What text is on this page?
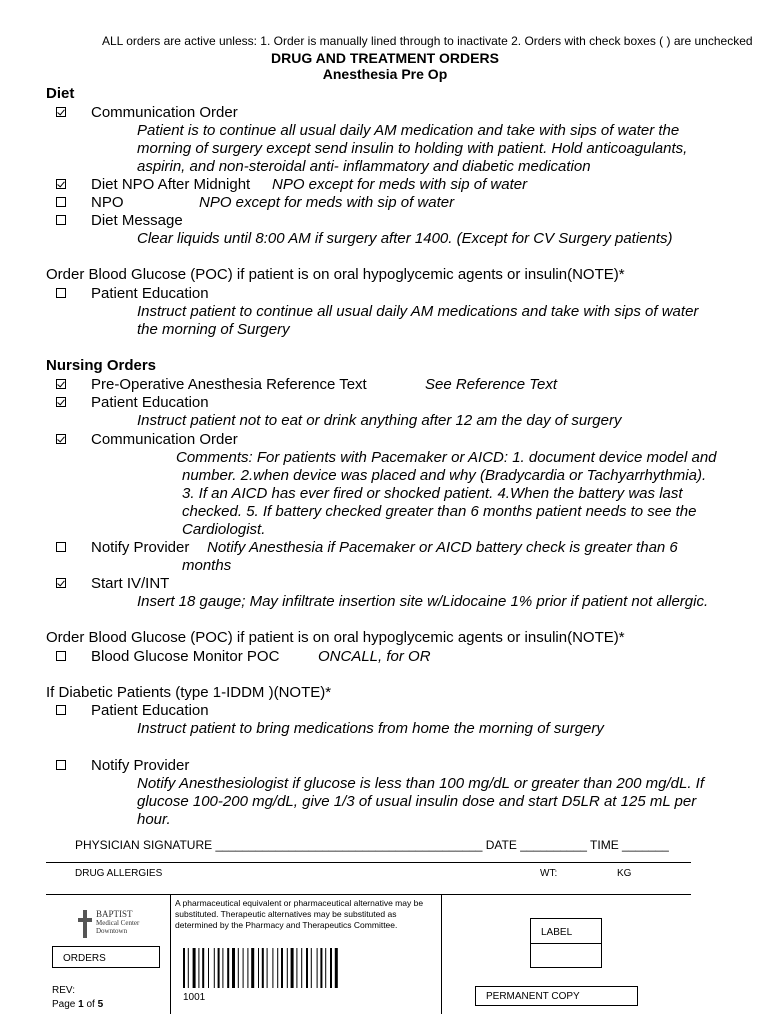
ALL orders are active unless: 1. Order is manually lined through to inactivate 2. Orders with check boxes ( ) are unchecked
DRUG AND TREATMENT ORDERS
Anesthesia Pre Op
Diet
Communication Order
Patient is to continue all usual daily AM medication and take with sips of water the
morning of surgery except send insulin to holding with patient. Hold anticoagulants,
aspirin, and non-steroidal anti- inflammatory and diabetic medication
Diet NPO After Midnight NPO except for meds with sip of water
NPO	NPO except for meds with sip of water
Diet Message
Clear liquids until 8:00 AM if surgery after 1400. (Except for CV Surgery patients)
Order Blood Glucose (POC) if patient is on oral hypoglycemic agents or insulin(NOTE)*
Patient Education
Instruct patient to continue all usual daily AM medications and take with sips of water
the morning of Surgery
Nursing Orders
Pre-Operative Anesthesia Reference Text	See Reference Text
Patient Education
Instruct patient not to eat or drink anything after 12 am the day of surgery
Communication Order
Comments: For patients with Pacemaker or AICD: 1. document device model and
number. 2.when device was placed and why (Bradycardia or Tachyarrhythmia).
3. If an AICD has ever fired or shocked patient. 4.When the battery was last
checked. 5. If battery checked greater than 6 months patient needs to see the
Cardiologist.
Notify Provider Notify Anesthesia if Pacemaker or AICD battery check is greater than 6
months
Start IV/INT
Insert 18 gauge; May infiltrate insertion site w/Lidocaine 1% prior if patient not allergic.
Order Blood Glucose (POC) if patient is on oral hypoglycemic agents or insulin(NOTE)*
Blood Glucose Monitor POC	ONCALL, for OR
If Diabetic Patients (type 1-IDDM )(NOTE)*
Patient Education
Instruct patient to bring medications from home the morning of surgery
Notify Provider
Notify Anesthesiologist if glucose is less than 100 mg/dL or greater than 200 mg/dL. If
glucose 100-200 mg/dL, give 1/3 of usual insulin dose and start D5LR at 125 mL per
hour.
PHYSICIAN SIGNATURE ________________________________________ DATE __________ TIME _______
DRUG ALLERGIES	WT:	KG
A pharmaceutical equivalent or pharmaceutical alternative may be
substituted. Therapeutic alternatives may be substituted as
determined by the Pharmacy and Therapeutics Committee.
BAPTIST
Medical Center
Downtown
ORDERS
LABEL
REV:
Page 1 of 5
1001	PERMANENT COPY
